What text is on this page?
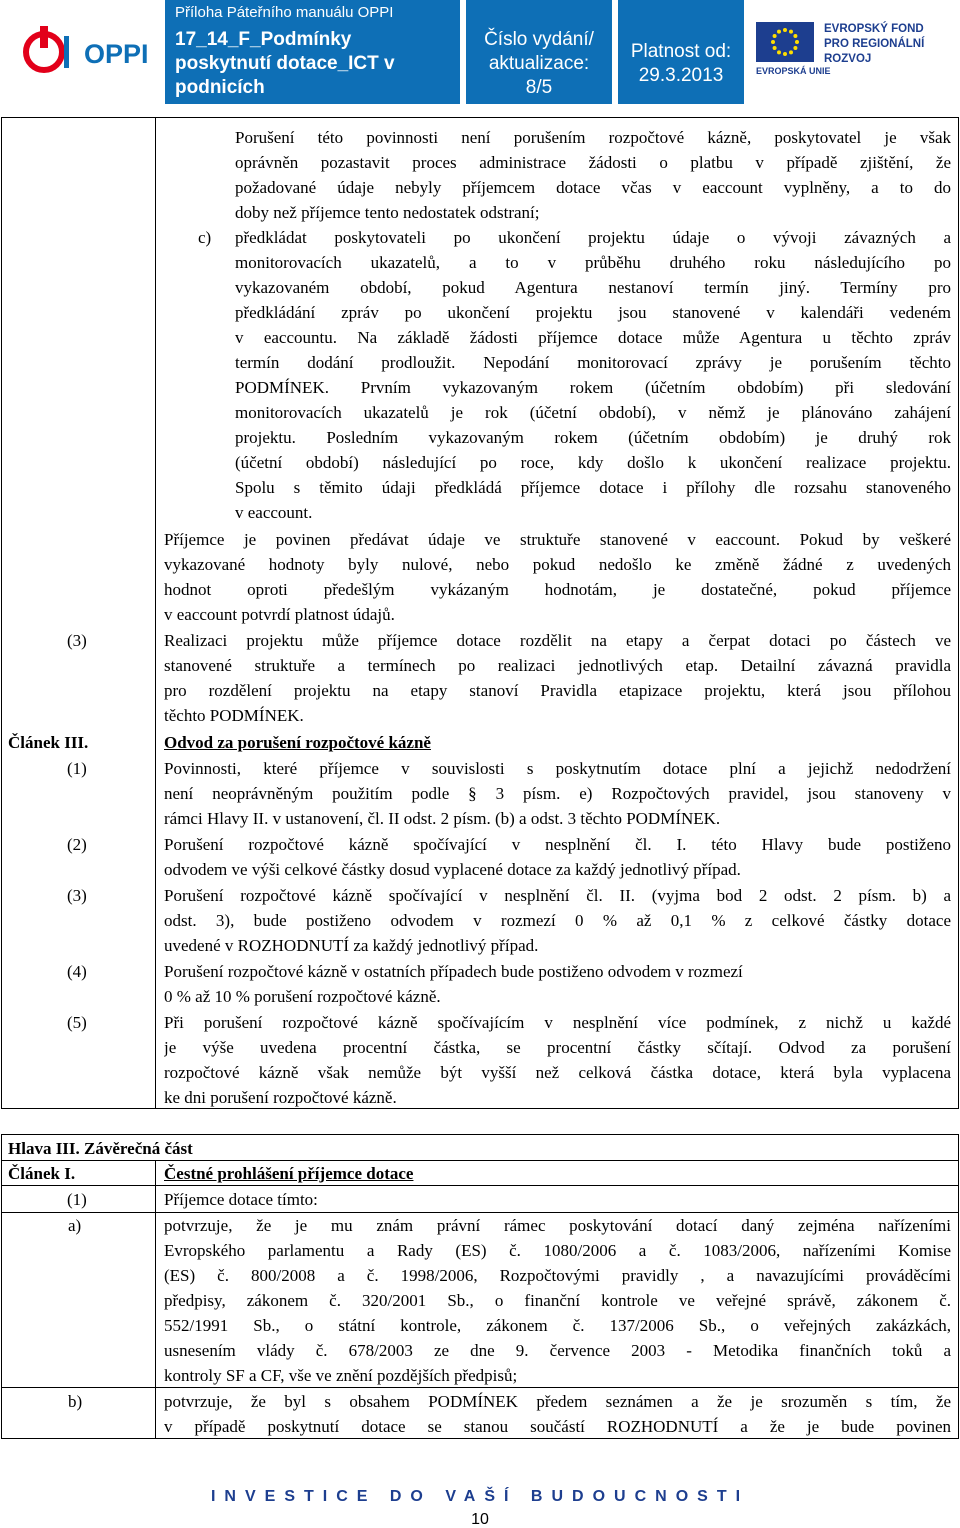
OPPI
Příloha Páteřního manuálu OPPI
17_14_F_Podmínky
poskytnutí dotace_ICT v
podnicích
Číslo vydání/
aktualizace:
8/5
Platnost od:
29.3.2013	EVROPSKÁ UNIE
EVROPSKÝ FOND
PRO REGIONÁLNÍ
ROZVOJ
Porušení této povinnosti není porušením rozpočtové kázně, poskytovatel je však
oprávněn pozastavit proces administrace žádosti o platbu v případě zjištění, že
požadované údaje nebyly příjemcem dotace včas v eaccount vyplněny, a to do
doby než příjemce tento nedostatek odstraní;
c) předkládat poskytovateli po ukončení projektu údaje o vývoji závazných a
monitorovacích ukazatelů, a to v průběhu druhého roku následujícího po
vykazovaném období, pokud Agentura nestanoví termín jiný. Termíny pro
předkládání zpráv po ukončení projektu jsou stanovené v kalendáři vedeném
v eaccountu. Na základě žádosti příjemce dotace může Agentura u těchto zpráv
termín dodání prodloužit. Nepodání monitorovací zprávy je porušením těchto
PODMÍNEK. Prvním vykazovaným rokem (účetním obdobím) při sledování
monitorovacích ukazatelů je rok (účetní období), v němž je plánováno zahájení
projektu. Posledním vykazovaným rokem (účetním obdobím) je druhý rok
(účetní období) následující po roce, kdy došlo k ukončení realizace projektu.
Spolu s těmito údaji předkládá příjemce dotace i přílohy dle rozsahu stanoveného
v eaccount.
Příjemce je povinen předávat údaje ve struktuře stanovené v eaccount. Pokud by veškeré
vykazované hodnoty byly nulové, nebo pokud nedošlo ke změně žádné z uvedených
hodnot oproti předešlým vykázaným hodnotám, je dostatečné, pokud příjemce
v eaccount potvrdí platnost údajů.
(3)	Realizaci projektu může příjemce dotace rozdělit na etapy a čerpat dotaci po částech ve
stanovené struktuře a termínech po realizaci jednotlivých etap. Detailní závazná pravidla
pro rozdělení projektu na etapy stanoví Pravidla etapizace projektu, která jsou přílohou
těchto PODMÍNEK.
Článek III.	Odvod za porušení rozpočtové kázně
(1)	Povinnosti, které příjemce v souvislosti s poskytnutím dotace plní a jejichž nedodržení
není neoprávněným použitím podle § 3 písm. e) Rozpočtových pravidel, jsou stanoveny v
rámci Hlavy II. v ustanovení, čl. II odst. 2 písm. (b) a odst. 3 těchto PODMÍNEK.
(2)	Porušení rozpočtové kázně spočívající v nesplnění čl. I. této Hlavy bude postiženo
odvodem ve výši celkové částky dosud vyplacené dotace za každý jednotlivý případ.
(3)	Porušení rozpočtové kázně spočívající v nesplnění čl. II. (vyjma bod 2 odst. 2 písm. b) a
odst. 3), bude postiženo odvodem v rozmezí 0 % až 0,1 % z celkové částky dotace
uvedené v ROZHODNUTÍ za každý jednotlivý případ.
(4)	Porušení rozpočtové kázně v ostatních případech bude postiženo odvodem v rozmezí
0 % až 10 % porušení rozpočtové kázně.
(5)	Při porušení rozpočtové kázně spočívajícím v nesplnění více podmínek, z nichž u každé
je výše uvedena procentní částka, se procentní částky sčítají. Odvod za porušení
rozpočtové kázně však nemůže být vyšší než celková částka dotace, která byla vyplacena
ke dni porušení rozpočtové kázně.
Hlava III. Závěrečná část
Článek I.	Čestné prohlášení příjemce dotace
(1)	Příjemce dotace tímto:
a)	potvrzuje, že je mu znám právní rámec poskytování dotací daný zejména nařízeními
Evropského parlamentu a Rady (ES) č. 1080/2006 a č. 1083/2006, nařízeními Komise
(ES) č. 800/2008 a č. 1998/2006, Rozpočtovými pravidly , a navazujícími prováděcími
předpisy, zákonem č. 320/2001 Sb., o finanční kontrole ve veřejné správě, zákonem č.
552/1991 Sb., o státní kontrole, zákonem č. 137/2006 Sb., o veřejných zakázkách,
usnesením vlády č. 678/2003 ze dne 9. července 2003 - Metodika finančních toků a
kontroly SF a CF, vše ve znění pozdějších předpisů;
b)	potvrzuje, že byl s obsahem PODMÍNEK předem seznámen a že je srozuměn s tím, že
v případě poskytnutí dotace se stanou součástí ROZHODNUTÍ a že je bude povinen
INVESTICE DO VAŠÍ BUDOUCNOSTI
10
